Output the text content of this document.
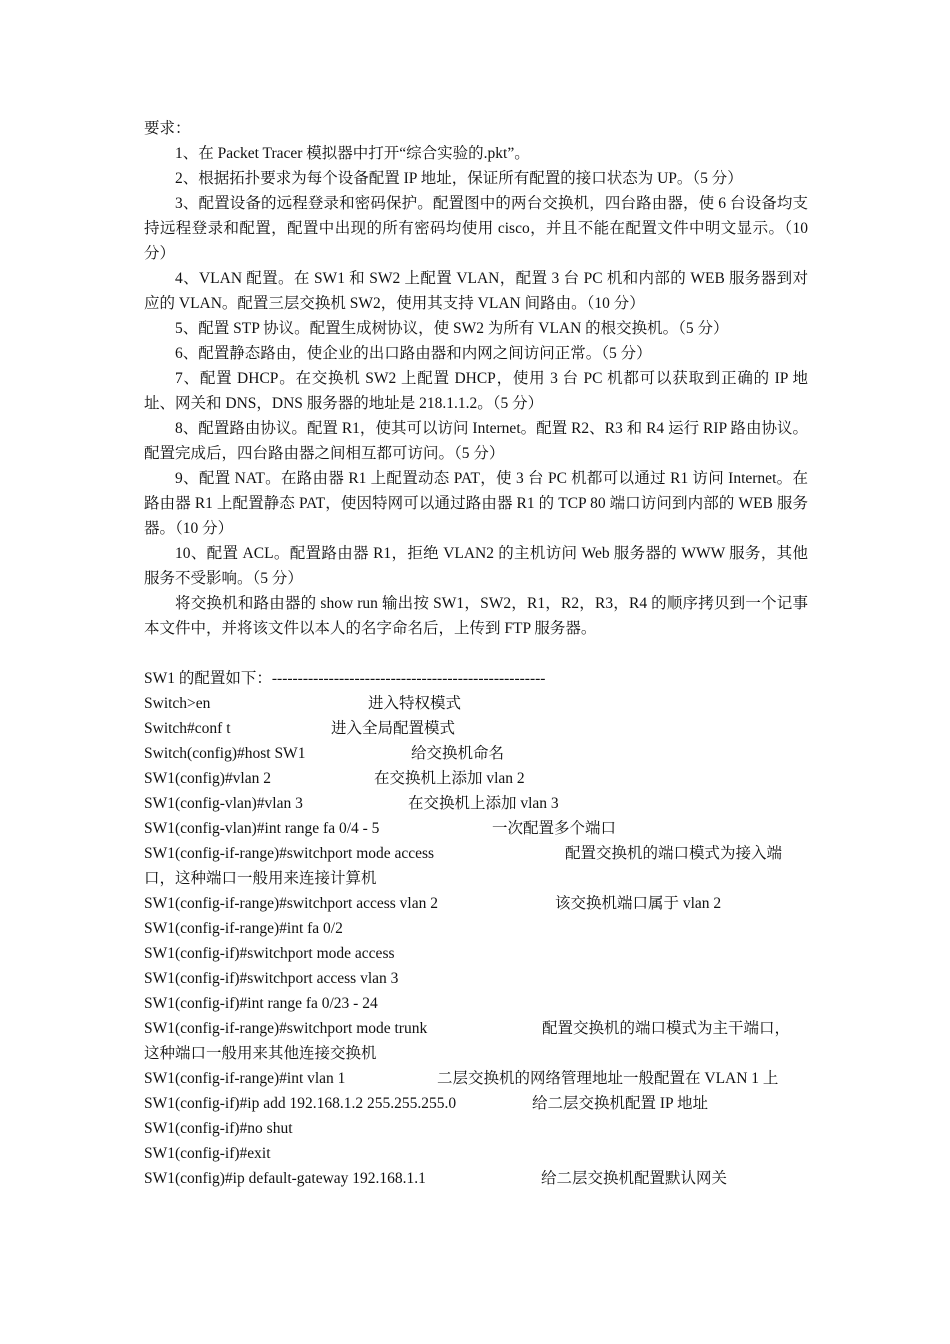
要求：
1、在 Packet Tracer 模拟器中打开“综合实验的.pkt”。
2、根据拓扑要求为每个设备配置 IP 地址，保证所有配置的接口状态为 UP。（5 分）
3、配置设备的远程登录和密码保护。配置图中的两台交换机，四台路由器，使 6 台设备均支持远程登录和配置，配置中出现的所有密码均使用 cisco，并且不能在配置文件中明文显示。（10 分）
4、VLAN 配置。在 SW1 和 SW2 上配置 VLAN，配置 3 台 PC 机和内部的 WEB 服务器到对应的 VLAN。配置三层交换机 SW2，使用其支持 VLAN 间路由。（10 分）
5、配置 STP 协议。配置生成树协议，使 SW2 为所有 VLAN 的根交换机。（5 分）
6、配置静态路由，使企业的出口路由器和内网之间访问正常。（5 分）
7、配置 DHCP。在交换机 SW2 上配置 DHCP，使用 3 台 PC 机都可以获取到正确的 IP 地址、网关和 DNS，DNS 服务器的地址是 218.1.1.2。（5 分）
8、配置路由协议。配置 R1，使其可以访问 Internet。配置 R2、R3 和 R4 运行 RIP 路由协议。配置完成后，四台路由器之间相互都可访问。（5 分）
9、配置 NAT。在路由器 R1 上配置动态 PAT，使 3 台 PC 机都可以通过 R1 访问 Internet。在路由器 R1 上配置静态 PAT，使因特网可以通过路由器 R1 的 TCP 80 端口访问到内部的 WEB 服务器。（10 分）
10、配置 ACL。配置路由器 R1，拒绝 VLAN2 的主机访问 Web 服务器的 WWW 服务，其他服务不受影响。（5 分）
将交换机和路由器的 show run 输出按 SW1，SW2，R1，R2，R3，R4 的顺序拷贝到一个记事本文件中，并将该文件以本人的名字命名后，上传到 FTP 服务器。
SW1 的配置如下：-----------------------------------------------------
Switch>en	进入特权模式
Switch#conf t	进入全局配置模式
Switch(config)#host SW1	给交换机命名
SW1(config)#vlan 2	在交换机上添加 vlan 2
SW1(config-vlan)#vlan 3	在交换机上添加 vlan 3
SW1(config-vlan)#int range fa 0/4 - 5	一次配置多个端口
SW1(config-if-range)#switchport mode access	配置交换机的端口模式为接入端
口，这种端口一般用来连接计算机
SW1(config-if-range)#switchport access vlan 2	该交换机端口属于 vlan 2
SW1(config-if-range)#int fa 0/2
SW1(config-if)#switchport mode access
SW1(config-if)#switchport access vlan 3
SW1(config-if)#int range fa 0/23 - 24
SW1(config-if-range)#switchport mode trunk	配置交换机的端口模式为主干端口，
这种端口一般用来其他连接交换机
SW1(config-if-range)#int vlan 1	二层交换机的网络管理地址一般配置在 VLAN 1 上
SW1(config-if)#ip add 192.168.1.2 255.255.255.0	给二层交换机配置 IP 地址
SW1(config-if)#no shut
SW1(config-if)#exit
SW1(config)#ip default-gateway 192.168.1.1	给二层交换机配置默认网关
